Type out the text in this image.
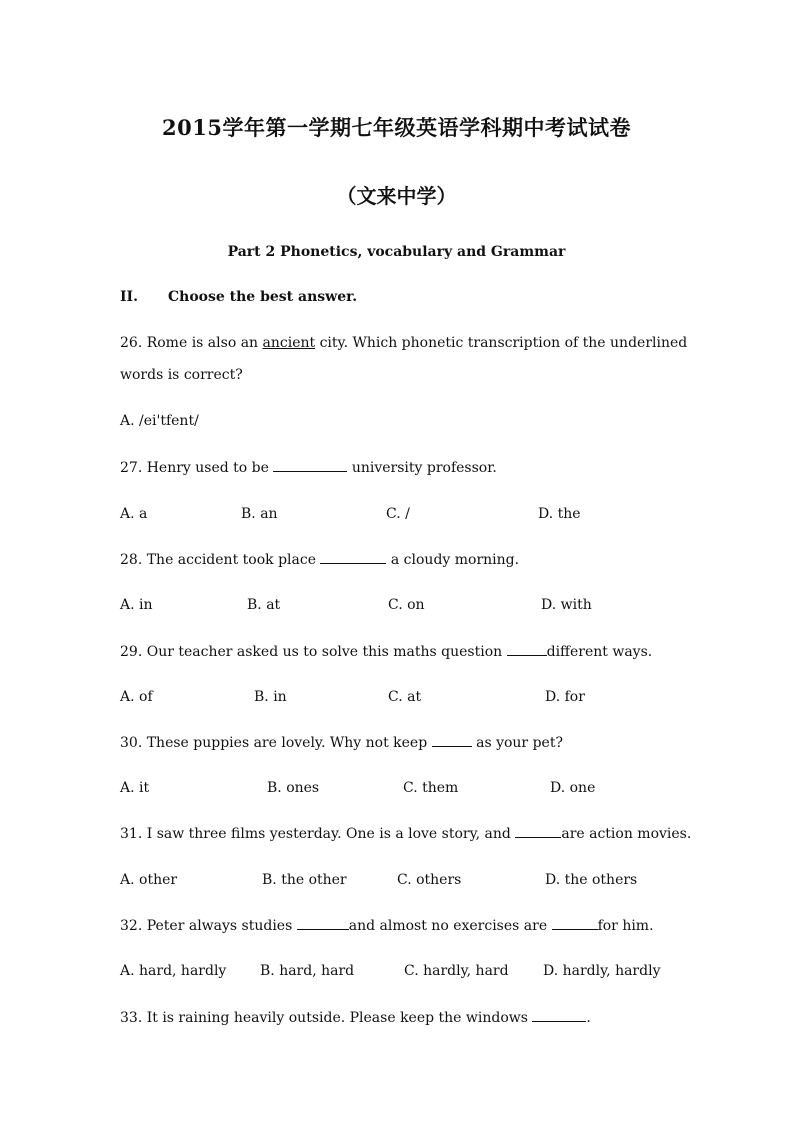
2015学年第一学期七年级英语学科期中考试试卷
（文来中学）
Part 2 Phonetics, vocabulary and Grammar
II. Choose the best answer.
26. Rome is also an ancient city. Which phonetic transcription of the underlined
words is correct?
A. /ei'tfent/
27. Henry used to be	university professor.
A. a	B. an	C. /	D. the
28. The accident took place	a cloudy morning.
A. in	B. at	C. on	D. with
29. Our teacher asked us to solve this maths question	different ways.
A. of	B. in	C. at	D. for
30. These puppies are lovely. Why not keep	as your pet?
A. it	B. ones	C. them	D. one
31. I saw three films yesterday. One is a love story, and	are action movies.
A. other	B. the other	C. others	D. the others
32. Peter always studies	and almost no exercises are	for him.
A. hard, hardly B. hard, hard	C. hardly, hard D. hardly, hardly
33. It is raining heavily outside. Please keep the windows	.
